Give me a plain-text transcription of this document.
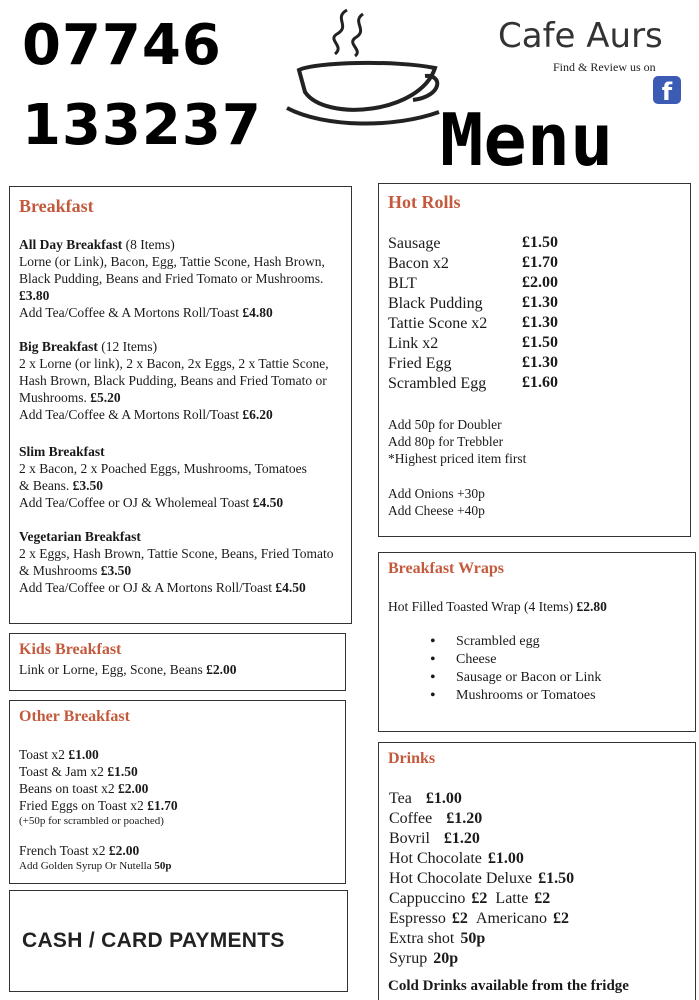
07746
133237
Cafe Aurs
Find & Review us on
f
Menu
Breakfast
All Day Breakfast (8 Items)
Lorne (or Link), Bacon, Egg, Tattie Scone, Hash Brown, Black Pudding, Beans and Fried Tomato or Mushrooms. £3.80
Add Tea/Coffee & A Mortons Roll/Toast £4.80
Big Breakfast (12 Items)
2 x Lorne (or link), 2 x Bacon, 2x Eggs, 2 x Tattie Scone, Hash Brown, Black Pudding, Beans and Fried Tomato or Mushrooms. £5.20
Add Tea/Coffee & A Mortons Roll/Toast £6.20
Slim Breakfast
2 x Bacon, 2 x Poached Eggs, Mushrooms, Tomatoes & Beans. £3.50
Add Tea/Coffee or OJ & Wholemeal Toast £4.50
Vegetarian Breakfast
2 x Eggs, Hash Brown, Tattie Scone, Beans, Fried Tomato & Mushrooms £3.50
Add Tea/Coffee or OJ & A Mortons Roll/Toast £4.50
Kids Breakfast
Link or Lorne, Egg, Scone, Beans £2.00
Other Breakfast
Toast x2 £1.00
Toast & Jam x2 £1.50
Beans on toast x2 £2.00
Fried Eggs on Toast x2 £1.70
(+50p for scrambled or poached)
French Toast x2 £2.00
Add Golden Syrup Or Nutella 50p
CASH / CARD PAYMENTS
Hot Rolls
Sausage	£1.50
Bacon x2	£1.70
BLT	£2.00
Black Pudding £1.30
Tattie Scone x2 £1.30
Link x2	£1.50
Fried Egg	£1.30
Scrambled Egg £1.60
Add 50p for Doubler
Add 80p for Trebbler
*Highest priced item first
Add Onions +30p
Add Cheese +40p
Breakfast Wraps
Hot Filled Toasted Wrap (4 Items) £2.80
• Scrambled egg
• Cheese
• Sausage or Bacon or Link
• Mushrooms or Tomatoes
Drinks
Tea £1.00
Coffee £1.20
Bovril £1.20
Hot Chocolate £1.00
Hot Chocolate Deluxe £1.50
Cappuccino £2 Latte £2
Espresso £2 Americano £2
Extra shot 50p
Syrup 20p
Cold Drinks available from the fridge
